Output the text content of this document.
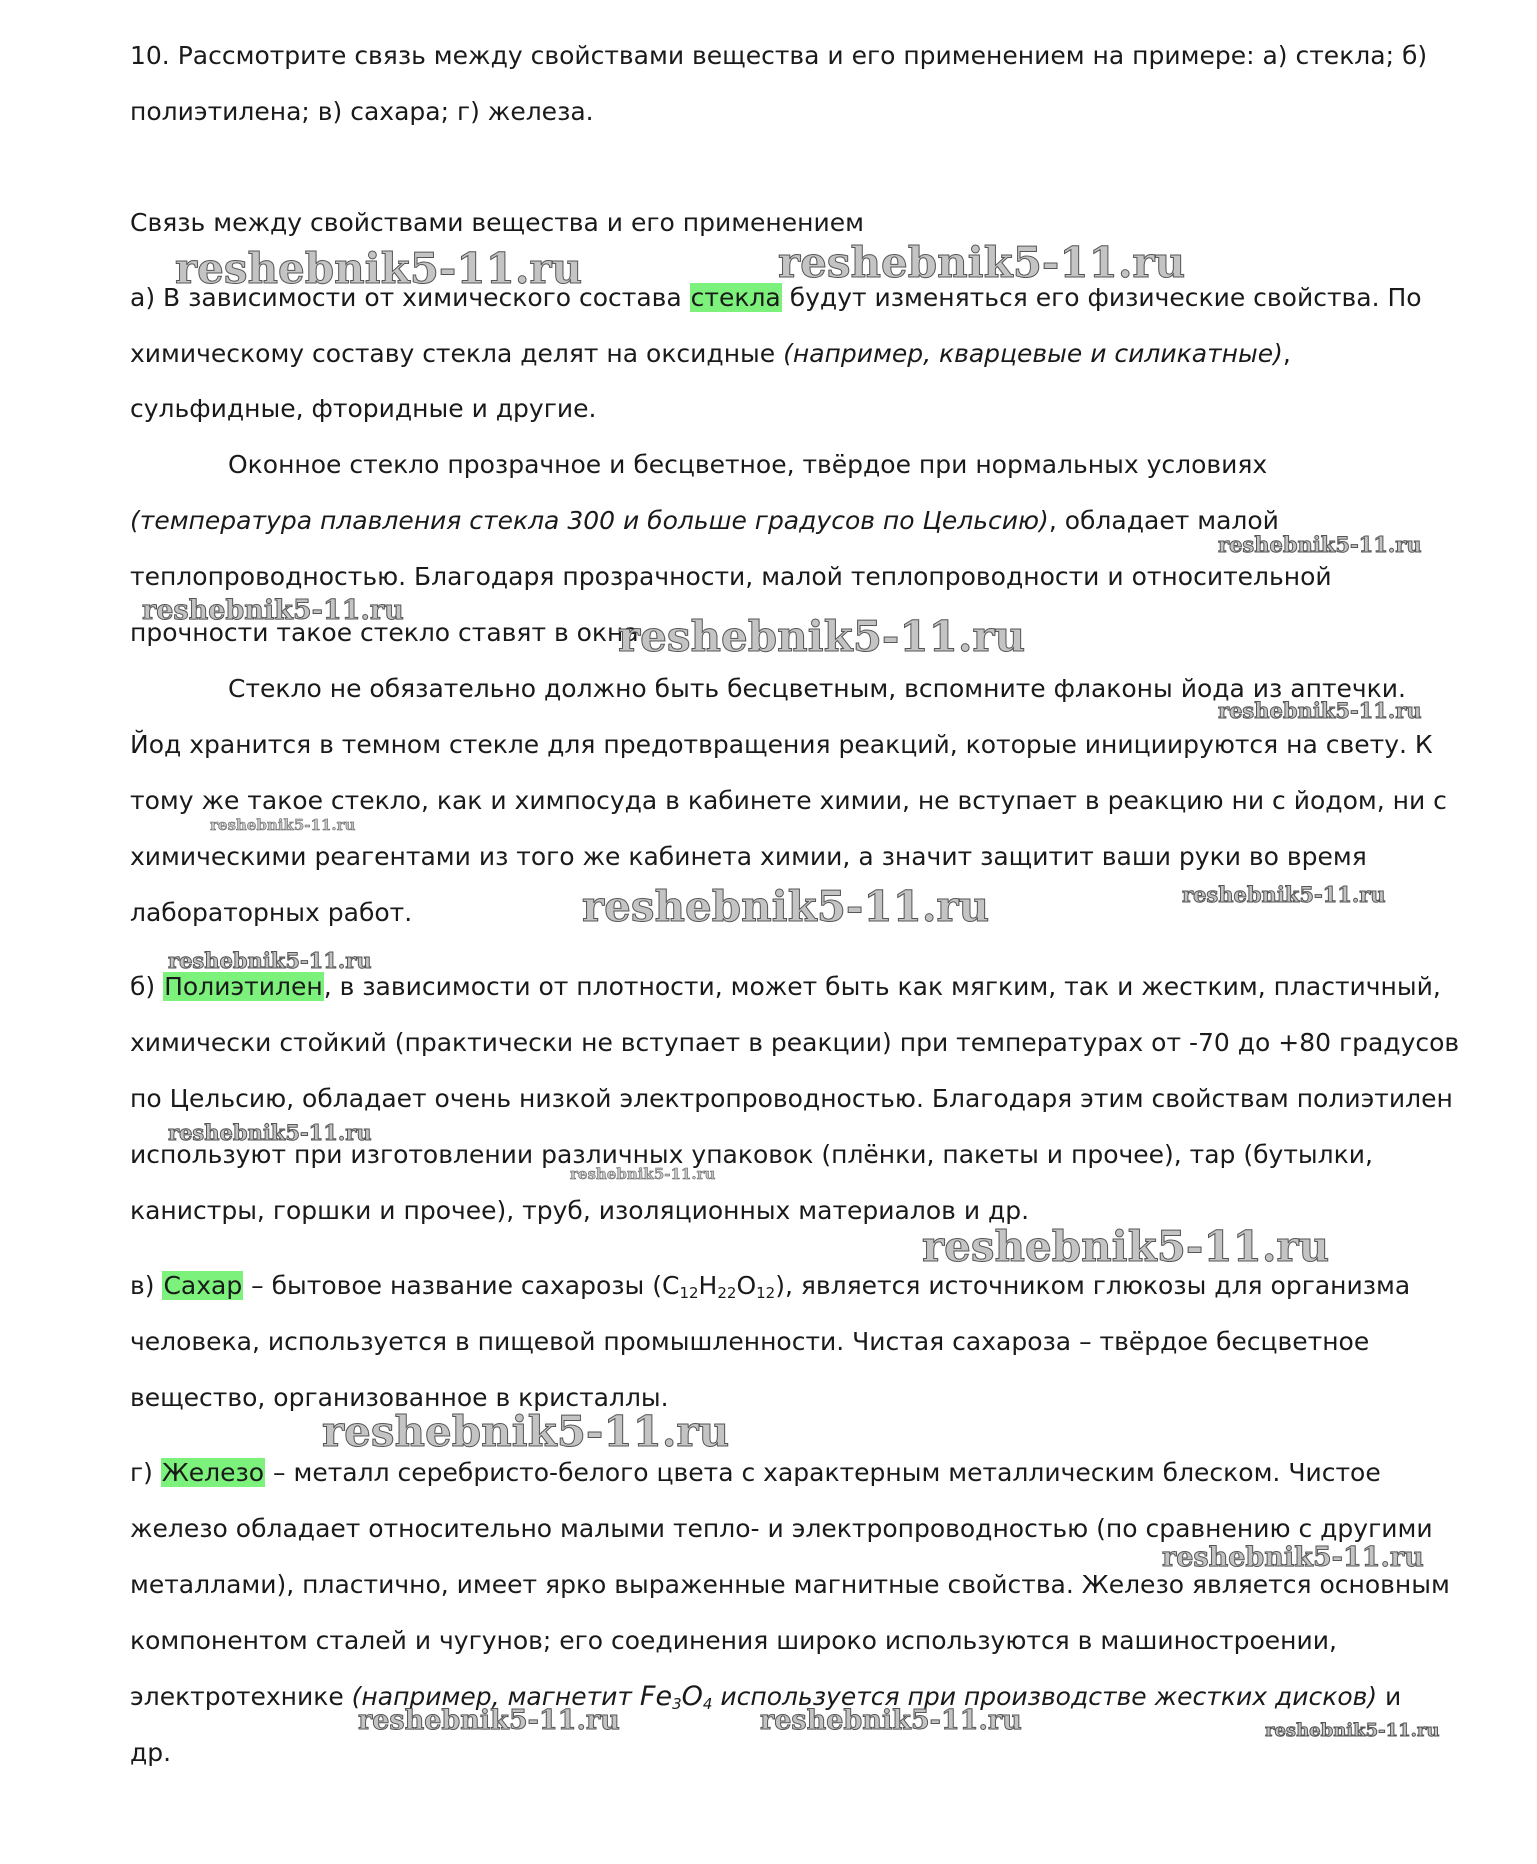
10. Рассмотрите связь между свойствами вещества и его применением на примере: а) стекла; б)
полиэтилена; в) сахара; г) железа.
Связь между свойствами вещества и его применением
а) В зависимости от химического состава стекла будут изменяться его физические свойства. По
химическому составу стекла делят на оксидные (например, кварцевые и силикатные),
сульфидные, фторидные и другие.
Оконное стекло прозрачное и бесцветное, твёрдое при нормальных условиях
(температура плавления стекла 300 и больше градусов по Цельсию), обладает малой
теплопроводностью. Благодаря прозрачности, малой теплопроводности и относительной
прочности такое стекло ставят в окна.
Стекло не обязательно должно быть бесцветным, вспомните флаконы йода из аптечки.
Йод хранится в темном стекле для предотвращения реакций, которые инициируются на свету. К
тому же такое стекло, как и химпосуда в кабинете химии, не вступает в реакцию ни с йодом, ни с
химическими реагентами из того же кабинета химии, а значит защитит ваши руки во время
лабораторных работ.
б) Полиэтилен, в зависимости от плотности, может быть как мягким, так и жестким, пластичный,
химически стойкий (практически не вступает в реакции) при температурах от -70 до +80 градусов
по Цельсию, обладает очень низкой электропроводностью. Благодаря этим свойствам полиэтилен
используют при изготовлении различных упаковок (плёнки, пакеты и прочее), тар (бутылки,
канистры, горшки и прочее), труб, изоляционных материалов и др.
в) Сахар – бытовое название сахарозы $(C_{12}H_{22}O_{12})$, является источником глюкозы для организма
человека, используется в пищевой промышленности. Чистая сахароза – твёрдое бесцветное
вещество, организованное в кристаллы.
г) Железо – металл серебристо-белого цвета с характерным металлическим блеском. Чистое
железо обладает относительно малыми тепло- и электропроводностью (по сравнению с другими
металлами), пластично, имеет ярко выраженные магнитные свойства. Железо является основным
компонентом сталей и чугунов; его соединения широко используются в машиностроении,
электротехнике (например, магнетит $Fe_3O_4$ используется при производстве жестких дисков) и
др.
reshebnik5-11.ru	reshebnik5-11.ru
reshebnik5-11.ru
reshebnik5-11.ru
reshebnik5-11.ru
reshebnik5-11.ru
reshebnik5-11.ru
reshebnik5-11.ru
reshebnik5-11.ru
reshebnik5-11.ru
reshebnik5-11.ru
reshebnik5-11.ru
reshebnik5-11.ru
reshebnik5-11.ru
reshebnik5-11.ru
reshebnik5-11.ru	reshebnik5-11.ru	reshebnik5-11.ru
